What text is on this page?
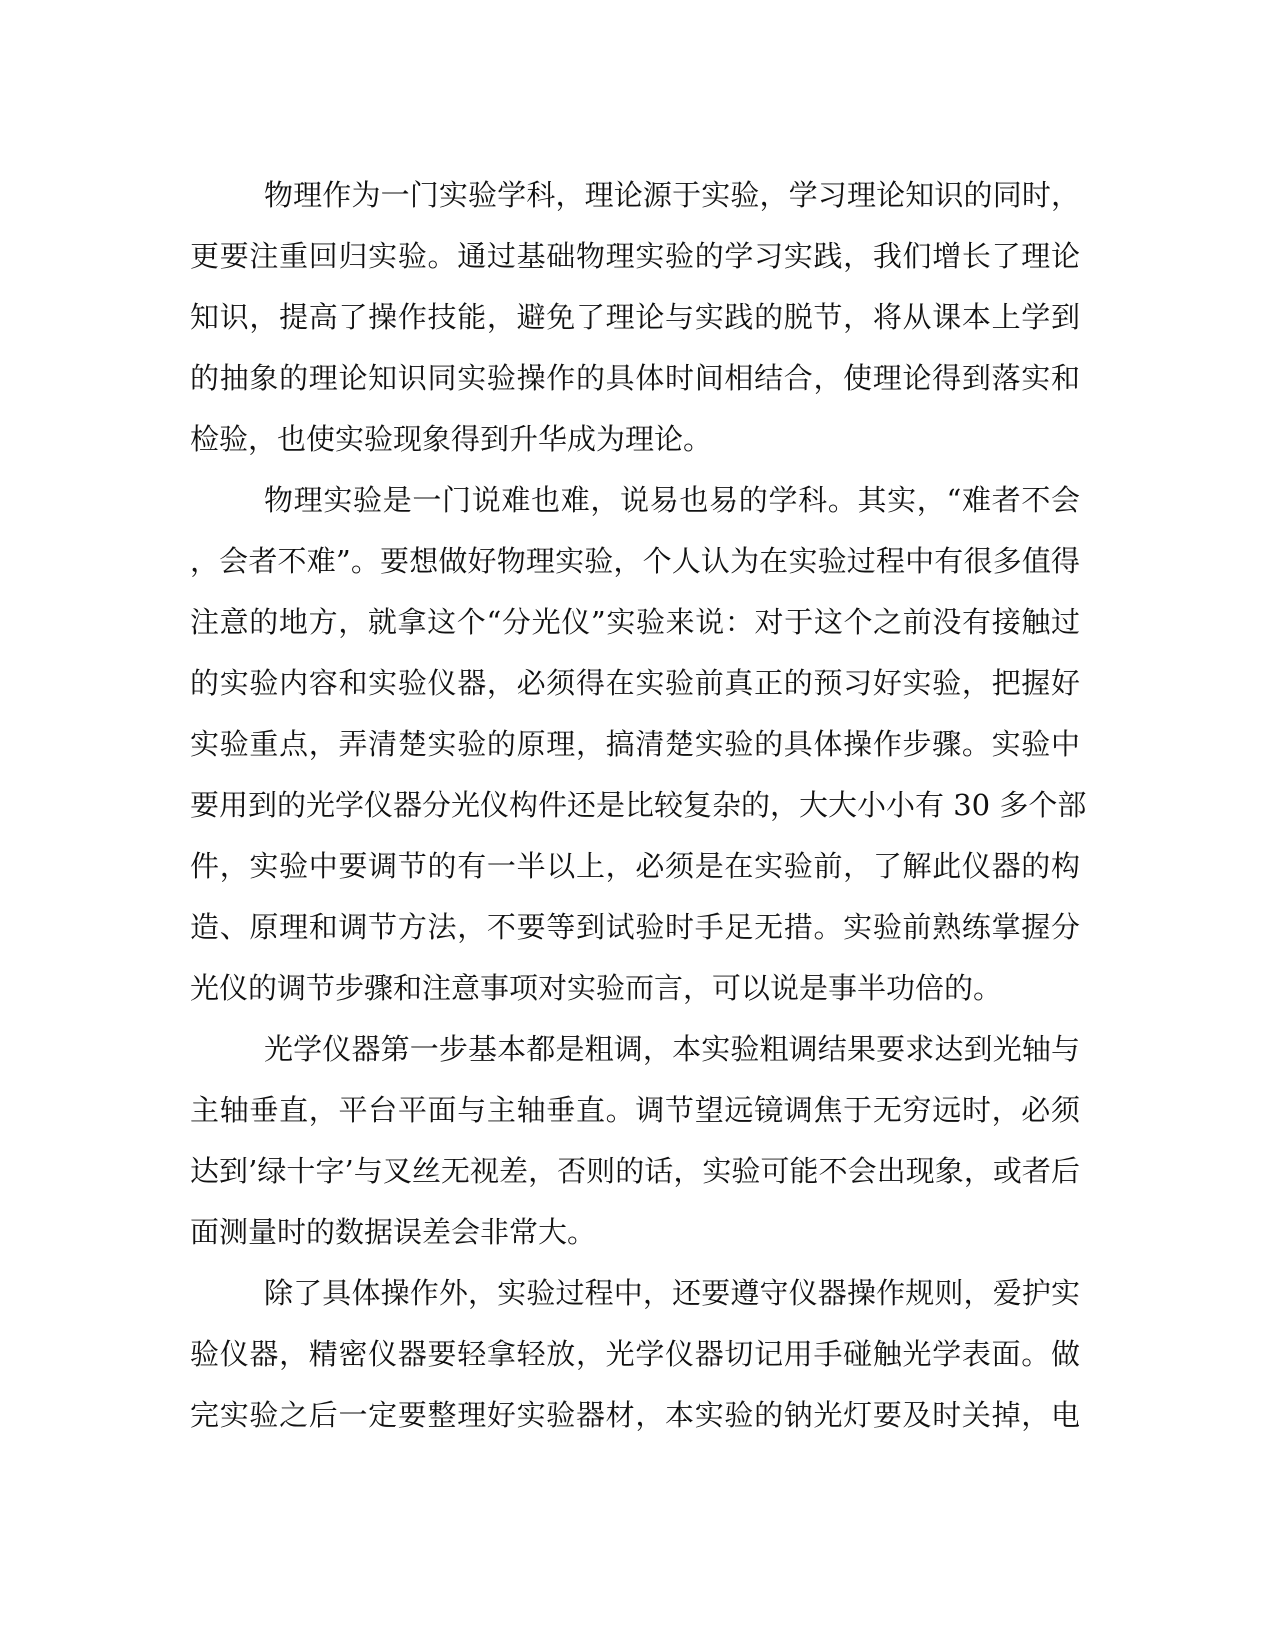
物理作为一门实验学科，理论源于实验，学习理论知识的同时，
更要注重回归实验。通过基础物理实验的学习实践，我们增长了理论
知识，提高了操作技能，避免了理论与实践的脱节，将从课本上学到
的抽象的理论知识同实验操作的具体时间相结合，使理论得到落实和
检验，也使实验现象得到升华成为理论。
物理实验是一门说难也难，说易也易的学科。其实，“难者不会
，会者不难”。要想做好物理实验，个人认为在实验过程中有很多值得
注意的地方，就拿这个“分光仪”实验来说：对于这个之前没有接触过
的实验内容和实验仪器，必须得在实验前真正的预习好实验，把握好
实验重点，弄清楚实验的原理，搞清楚实验的具体操作步骤。实验中
要用到的光学仪器分光仪构件还是比较复杂的，大大小小有 30 多个部
件，实验中要调节的有一半以上，必须是在实验前，了解此仪器的构
造、原理和调节方法，不要等到试验时手足无措。实验前熟练掌握分
光仪的调节步骤和注意事项对实验而言，可以说是事半功倍的。
光学仪器第一步基本都是粗调，本实验粗调结果要求达到光轴与
主轴垂直，平台平面与主轴垂直。调节望远镜调焦于无穷远时，必须
达到’绿十字’与叉丝无视差，否则的话，实验可能不会出现象，或者后
面测量时的数据误差会非常大。
除了具体操作外，实验过程中，还要遵守仪器操作规则，爱护实
验仪器，精密仪器要轻拿轻放，光学仪器切记用手碰触光学表面。做
完实验之后一定要整理好实验器材，本实验的钠光灯要及时关掉，电
